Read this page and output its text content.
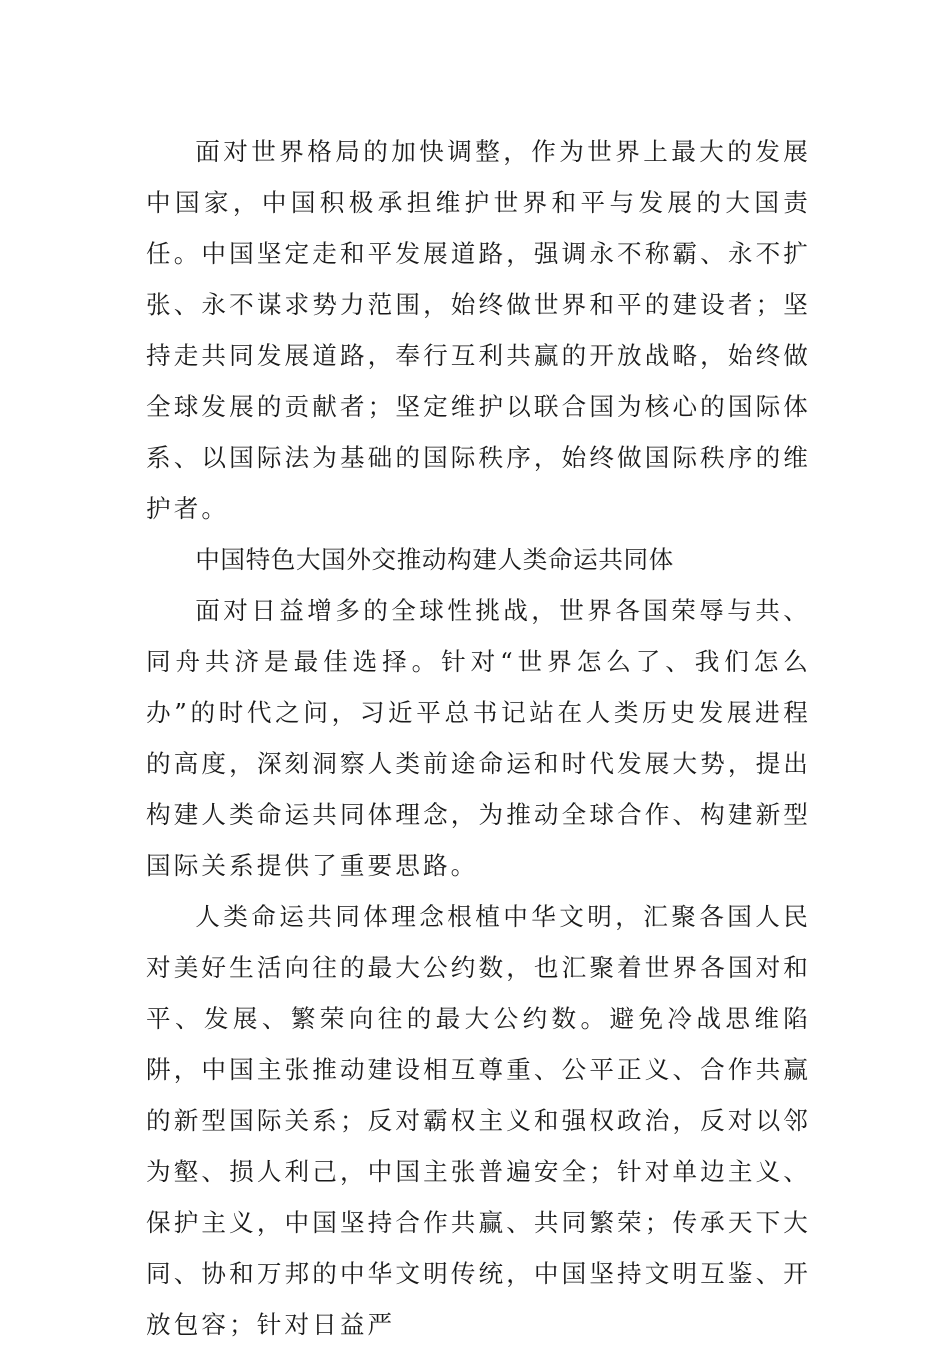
面对世界格局的加快调整，作为世界上最大的发展中国家，中国积极承担维护世界和平与发展的大国责任。中国坚定走和平发展道路，强调永不称霸、永不扩张、永不谋求势力范围，始终做世界和平的建设者；坚持走共同发展道路，奉行互利共赢的开放战略，始终做全球发展的贡献者；坚定维护以联合国为核心的国际体系、以国际法为基础的国际秩序，始终做国际秩序的维护者。

中国特色大国外交推动构建人类命运共同体

面对日益增多的全球性挑战，世界各国荣辱与共、同舟共济是最佳选择。针对“世界怎么了、我们怎么办”的时代之问，习近平总书记站在人类历史发展进程的高度，深刻洞察人类前途命运和时代发展大势，提出构建人类命运共同体理念，为推动全球合作、构建新型国际关系提供了重要思路。

人类命运共同体理念根植中华文明，汇聚各国人民对美好生活向往的最大公约数，也汇聚着世界各国对和平、发展、繁荣向往的最大公约数。避免冷战思维陷阱，中国主张推动建设相互尊重、公平正义、合作共赢的新型国际关系；反对霸权主义和强权政治，反对以邻为壑、损人利己，中国主张普遍安全；针对单边主义、保护主义，中国坚持合作共赢、共同繁荣；传承天下大同、协和万邦的中华文明传统，中国坚持文明互鉴、开放包容；针对日益严
